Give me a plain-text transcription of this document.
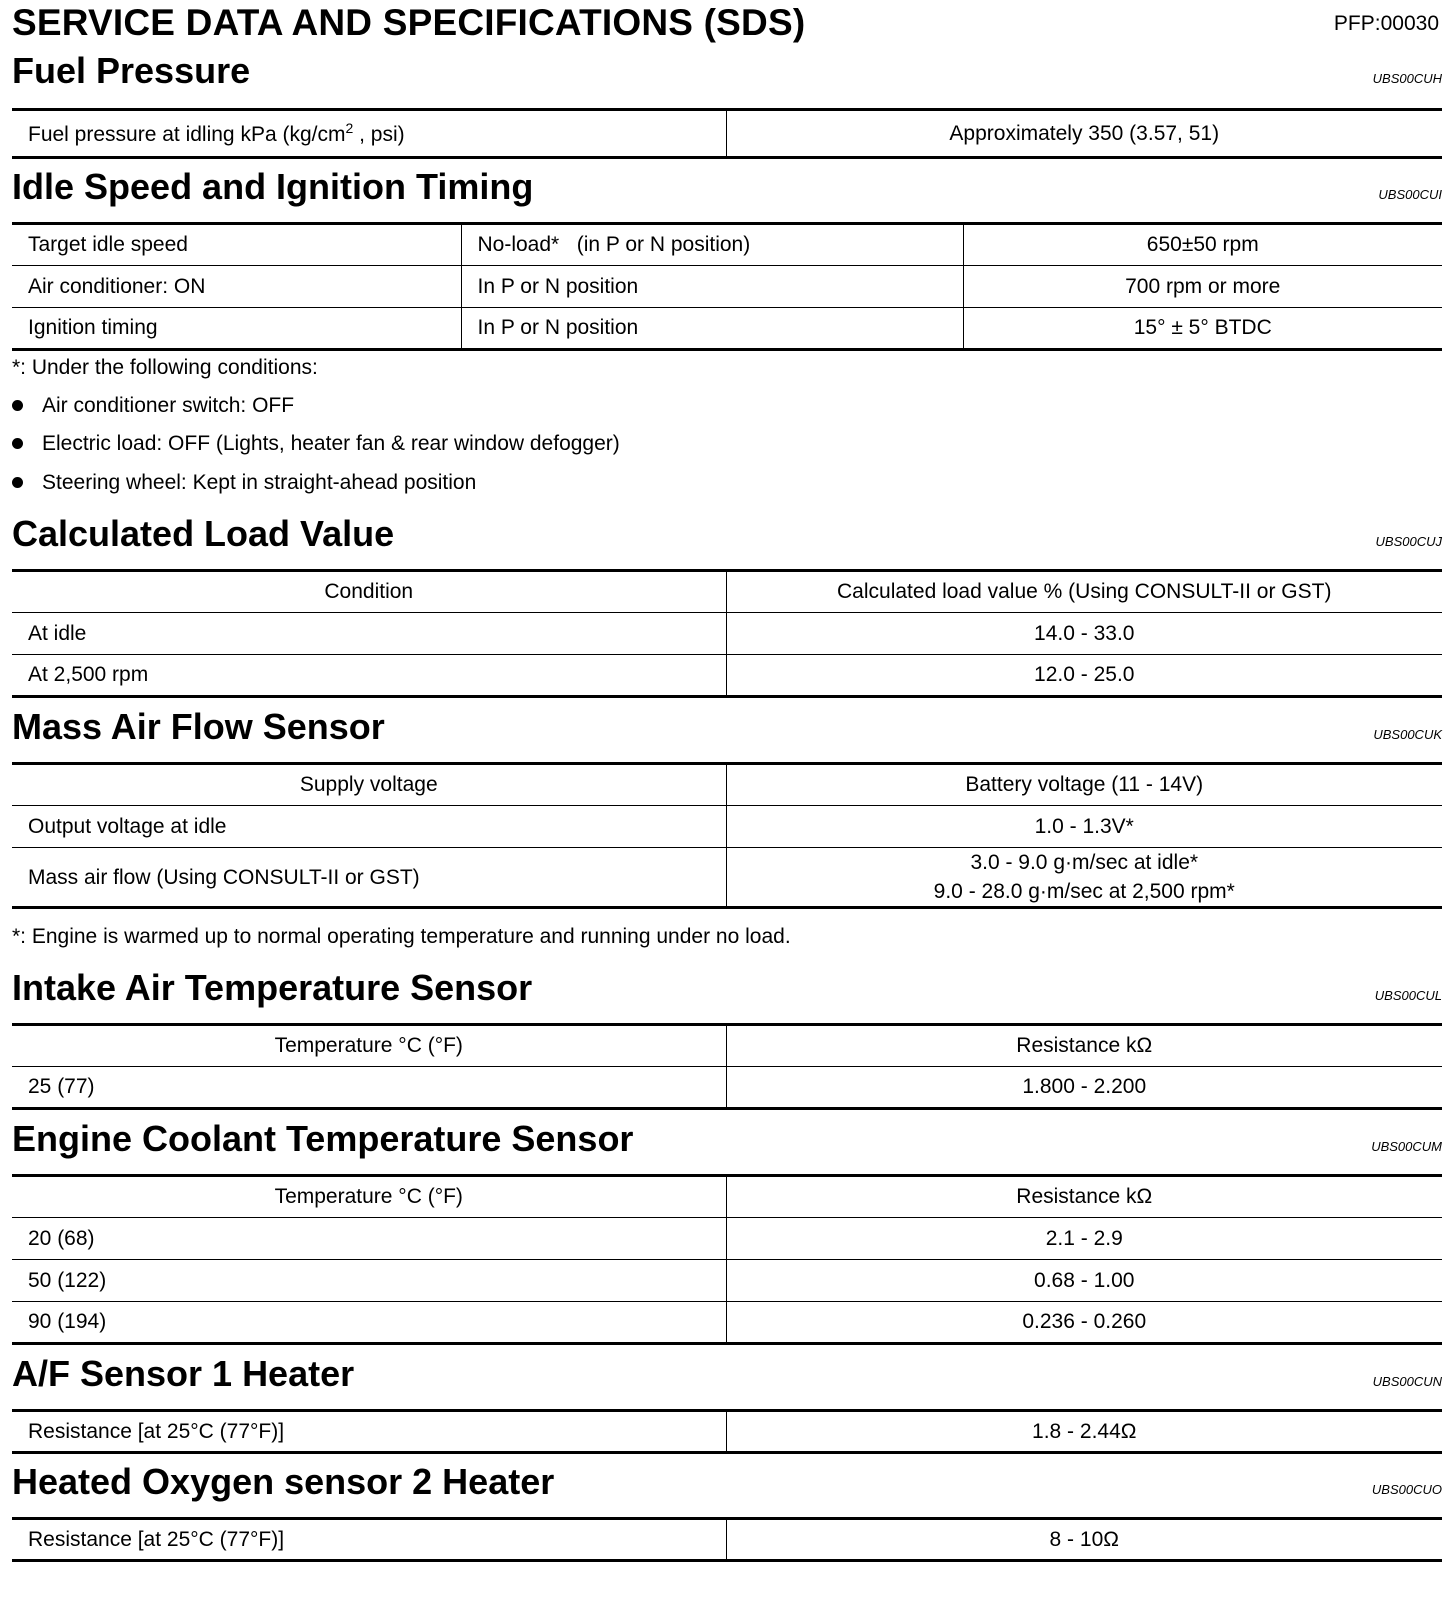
SERVICE DATA AND SPECIFICATIONS (SDS)	PFP:00030
Fuel Pressure	UBS00CUH
Fuel pressure at idling kPa ($kg/cm^2$ , psi)	Approximately 350 (3.57, 51)
Idle Speed and Ignition Timing	UBS00CUI
Target idle speed	No-load*   (in P or N position)	650±50 rpm
Air conditioner: ON	In P or N position	700 rpm or more
Ignition timing	In P or N position	15° ± 5° BTDC
*: Under the following conditions:
Air conditioner switch: OFF
Electric load: OFF (Lights, heater fan & rear window defogger)
Steering wheel: Kept in straight-ahead position
Calculated Load Value	UBS00CUJ
Condition	Calculated load value % (Using CONSULT-II or GST)
At idle	14.0 - 33.0
At 2,500 rpm	12.0 - 25.0
Mass Air Flow Sensor	UBS00CUK
Supply voltage	Battery voltage (11 - 14V)
Output voltage at idle	1.0 - 1.3V*
Mass air flow (Using CONSULT-II or GST)	3.0 - 9.0 g·m/sec at idle*
9.0 - 28.0 g·m/sec at 2,500 rpm*
*: Engine is warmed up to normal operating temperature and running under no load.
Intake Air Temperature Sensor	UBS00CUL
Temperature °C (°F)	Resistance kΩ
25 (77)	1.800 - 2.200
Engine Coolant Temperature Sensor	UBS00CUM
Temperature °C (°F)	Resistance kΩ
20 (68)	2.1 - 2.9
50 (122)	0.68 - 1.00
90 (194)	0.236 - 0.260
A/F Sensor 1 Heater	UBS00CUN
Resistance [at 25°C (77°F)]	1.8 - 2.44Ω
Heated Oxygen sensor 2 Heater	UBS00CUO
Resistance [at 25°C (77°F)]	8 - 10Ω
